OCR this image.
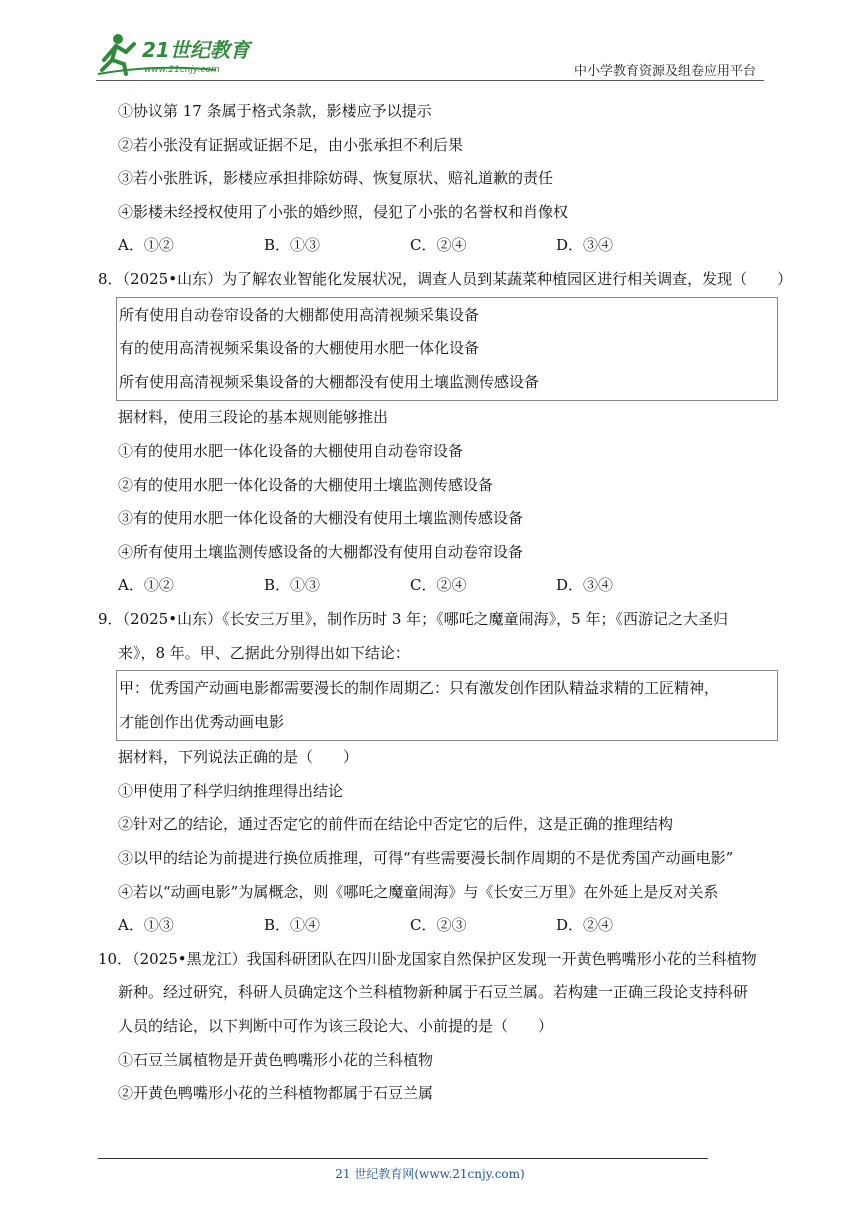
21世纪教育
www.21cnjy.com	中小学教育资源及组卷应用平台
①协议第 17 条属于格式条款，影楼应予以提示
②若小张没有证据或证据不足，由小张承担不利后果
③若小张胜诉，影楼应承担排除妨碍、恢复原状、赔礼道歉的责任
④影楼未经授权使用了小张的婚纱照，侵犯了小张的名誉权和肖像权
A．①②	B．①③	C．②④	D．③④
8．（2025•山东）为了解农业智能化发展状况，调查人员到某蔬菜种植园区进行相关调查，发现（　　）
所有使用自动卷帘设备的大棚都使用高清视频采集设备
有的使用高清视频采集设备的大棚使用水肥一体化设备
所有使用高清视频采集设备的大棚都没有使用土壤监测传感设备
据材料，使用三段论的基本规则能够推出
①有的使用水肥一体化设备的大棚使用自动卷帘设备
②有的使用水肥一体化设备的大棚使用土壤监测传感设备
③有的使用水肥一体化设备的大棚没有使用土壤监测传感设备
④所有使用土壤监测传感设备的大棚都没有使用自动卷帘设备
A．①②	B．①③	C．②④	D．③④
9．（2025•山东）《长安三万里》，制作历时 3 年；《哪吒之魔童闹海》，5 年；《西游记之大圣归
来》，8 年。甲、乙据此分别得出如下结论：
甲：优秀国产动画电影都需要漫长的制作周期乙：只有激发创作团队精益求精的工匠精神，
才能创作出优秀动画电影
据材料，下列说法正确的是（　　）
①甲使用了科学归纳推理得出结论
②针对乙的结论，通过否定它的前件而在结论中否定它的后件，这是正确的推理结构
③以甲的结论为前提进行换位质推理，可得“有些需要漫长制作周期的不是优秀国产动画电影”
④若以“动画电影”为属概念，则《哪吒之魔童闹海》与《长安三万里》在外延上是反对关系
A．①③	B．①④	C．②③	D．②④
10．（2025•黑龙江）我国科研团队在四川卧龙国家自然保护区发现一开黄色鸭嘴形小花的兰科植物
新种。经过研究，科研人员确定这个兰科植物新种属于石豆兰属。若构建一正确三段论支持科研
人员的结论，以下判断中可作为该三段论大、小前提的是（　　）
①石豆兰属植物是开黄色鸭嘴形小花的兰科植物
②开黄色鸭嘴形小花的兰科植物都属于石豆兰属
21 世纪教育网(www.21cnjy.com)
